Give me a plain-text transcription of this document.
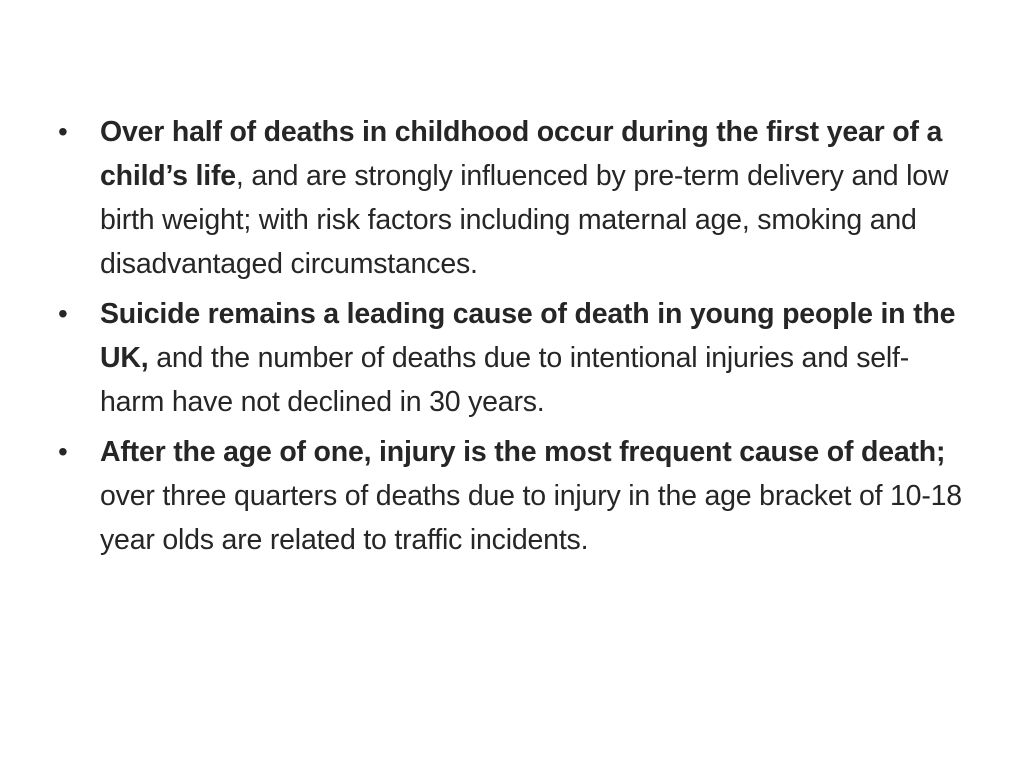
•	Over half of deaths in childhood occur during the first year of a child’s life, and are strongly influenced by pre-term delivery and low birth weight; with risk factors including maternal age, smoking and disadvantaged circumstances.
•	Suicide remains a leading cause of death in young people in the UK, and the number of deaths due to intentional injuries and self-harm have not declined in 30 years.
•	After the age of one, injury is the most frequent cause of death; over three quarters of deaths due to injury in the age bracket of 10-18 year olds are related to traffic incidents.
